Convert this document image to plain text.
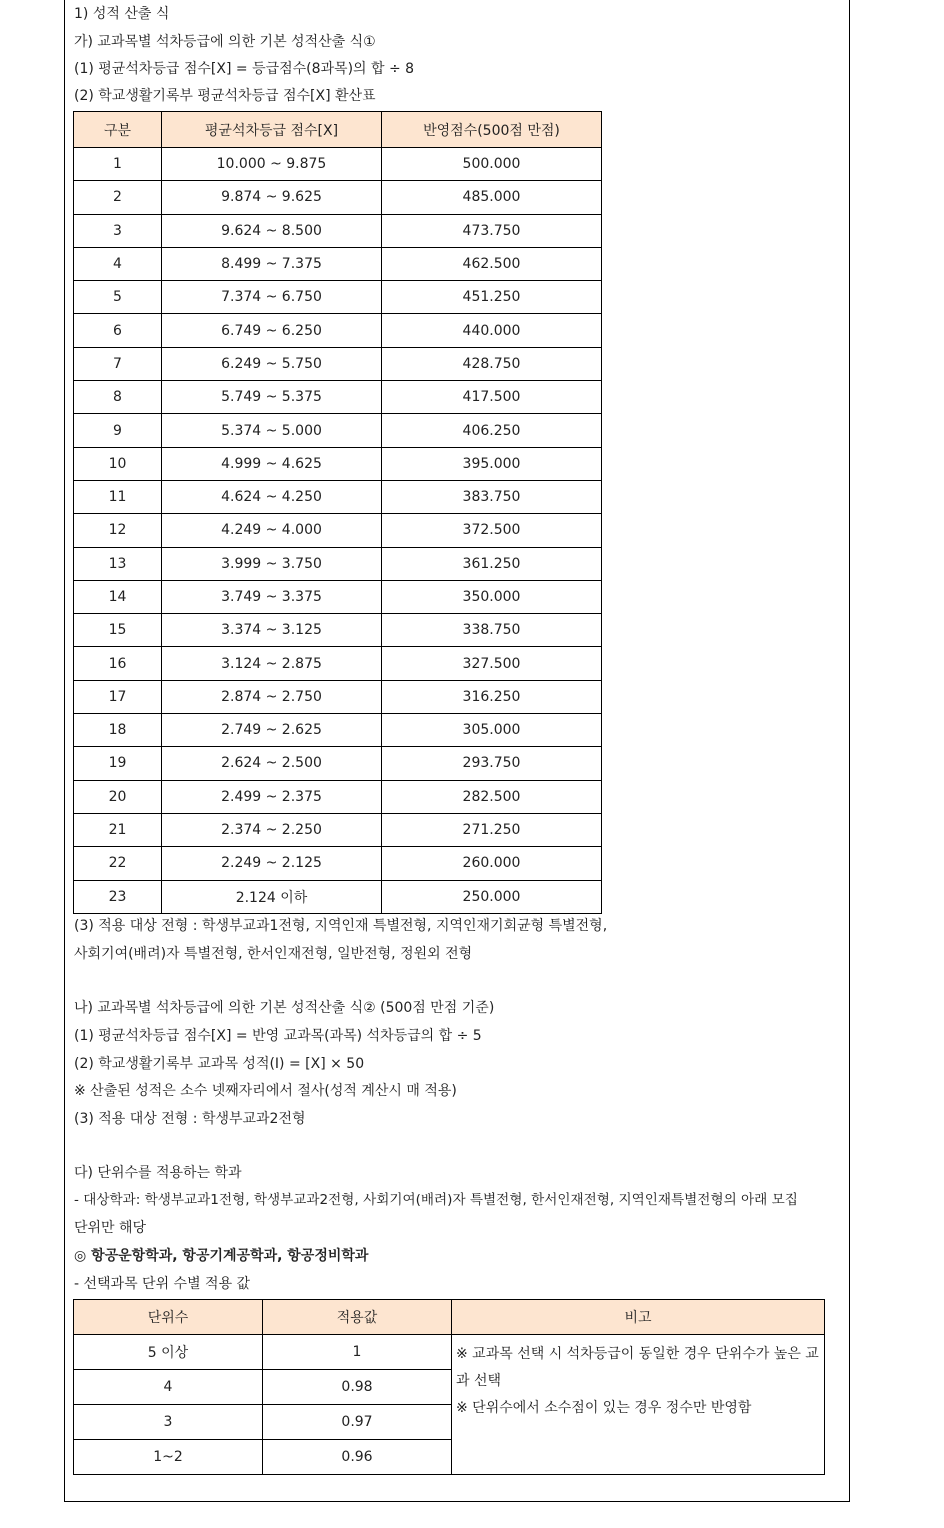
1) 성적 산출 식
가) 교과목별 석차등급에 의한 기본 성적산출 식①
(1) 평균석차등급 점수[X] = 등급점수(8과목)의 합 ÷ 8
(2) 학교생활기록부 평균석차등급 점수[X] 환산표
구분	평균석차등급 점수[X]	반영점수(500점 만점)
1	10.000 ~ 9.875	500.000
2	9.874 ~ 9.625	485.000
3	9.624 ~ 8.500	473.750
4	8.499 ~ 7.375	462.500
5	7.374 ~ 6.750	451.250
6	6.749 ~ 6.250	440.000
7	6.249 ~ 5.750	428.750
8	5.749 ~ 5.375	417.500
9	5.374 ~ 5.000	406.250
10	4.999 ~ 4.625	395.000
11	4.624 ~ 4.250	383.750
12	4.249 ~ 4.000	372.500
13	3.999 ~ 3.750	361.250
14	3.749 ~ 3.375	350.000
15	3.374 ~ 3.125	338.750
16	3.124 ~ 2.875	327.500
17	2.874 ~ 2.750	316.250
18	2.749 ~ 2.625	305.000
19	2.624 ~ 2.500	293.750
20	2.499 ~ 2.375	282.500
21	2.374 ~ 2.250	271.250
22	2.249 ~ 2.125	260.000
23	2.124 이하	250.000
(3) 적용 대상 전형 : 학생부교과1전형, 지역인재 특별전형, 지역인재기회균형 특별전형,
사회기여(배려)자 특별전형, 한서인재전형, 일반전형, 정원외 전형
나) 교과목별 석차등급에 의한 기본 성적산출 식② (500점 만점 기준)
(1) 평균석차등급 점수[X] = 반영 교과목(과목) 석차등급의 합 ÷ 5
(2) 학교생활기록부 교과목 성적(I) = [X] × 50
※ 산출된 성적은 소수 넷째자리에서 절사(성적 계산시 매 적용)
(3) 적용 대상 전형 : 학생부교과2전형
다) 단위수를 적용하는 학과
- 대상학과: 학생부교과1전형, 학생부교과2전형, 사회기여(배려)자 특별전형, 한서인재전형, 지역인재특별전형의 아래 모집
단위만 해당
◎ 항공운항학과, 항공기계공학과, 항공정비학과
- 선택과목 단위 수별 적용 값
단위수	적용값	비고
5 이상	1	※ 교과목 선택 시 석차등급이 동일한 경우 단위수가 높은 교과 선택
※ 단위수에서 소수점이 있는 경우 정수만 반영함

4	0.98	
3	0.97	
1~2	0.96	
